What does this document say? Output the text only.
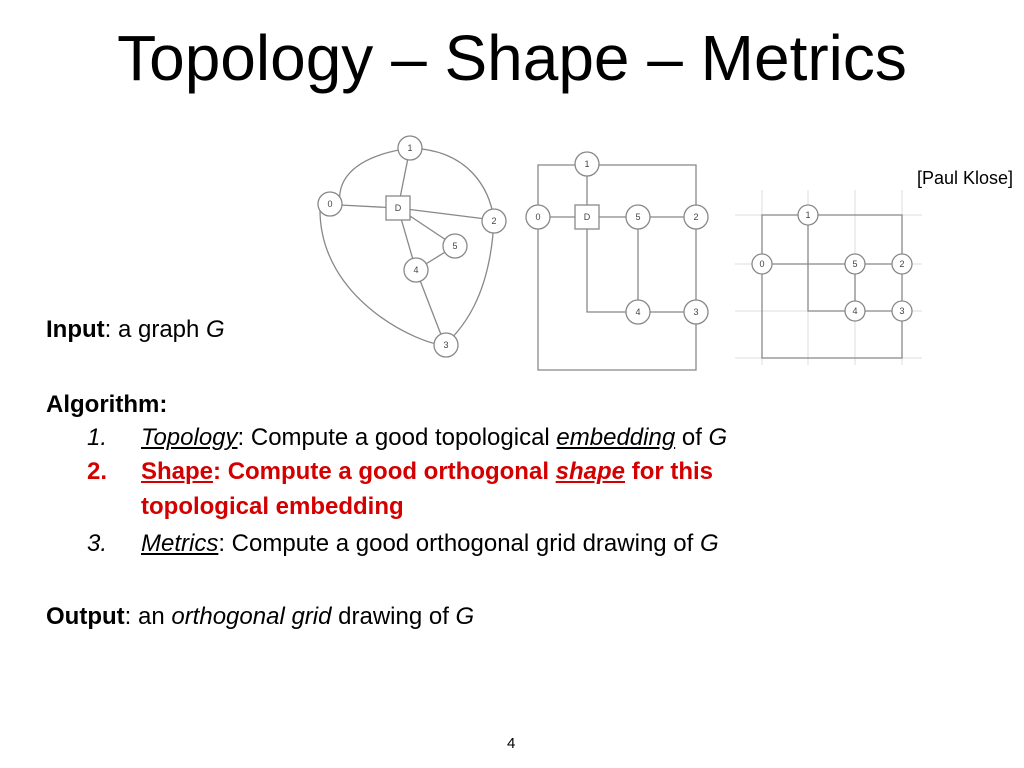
Topology – Shape – Metrics
[Paul Klose]
1
0	D
2
5
4
3
1
0	D	5	2
4	3
1
0	5	2
4	3
Input: a graph G
Algorithm:
1. Topology: Compute a good topological embedding of G
2. Shape: Compute a good orthogonal shape for this
topological embedding
3. Metrics: Compute a good orthogonal grid drawing of G
Output: an orthogonal grid drawing of G
4
